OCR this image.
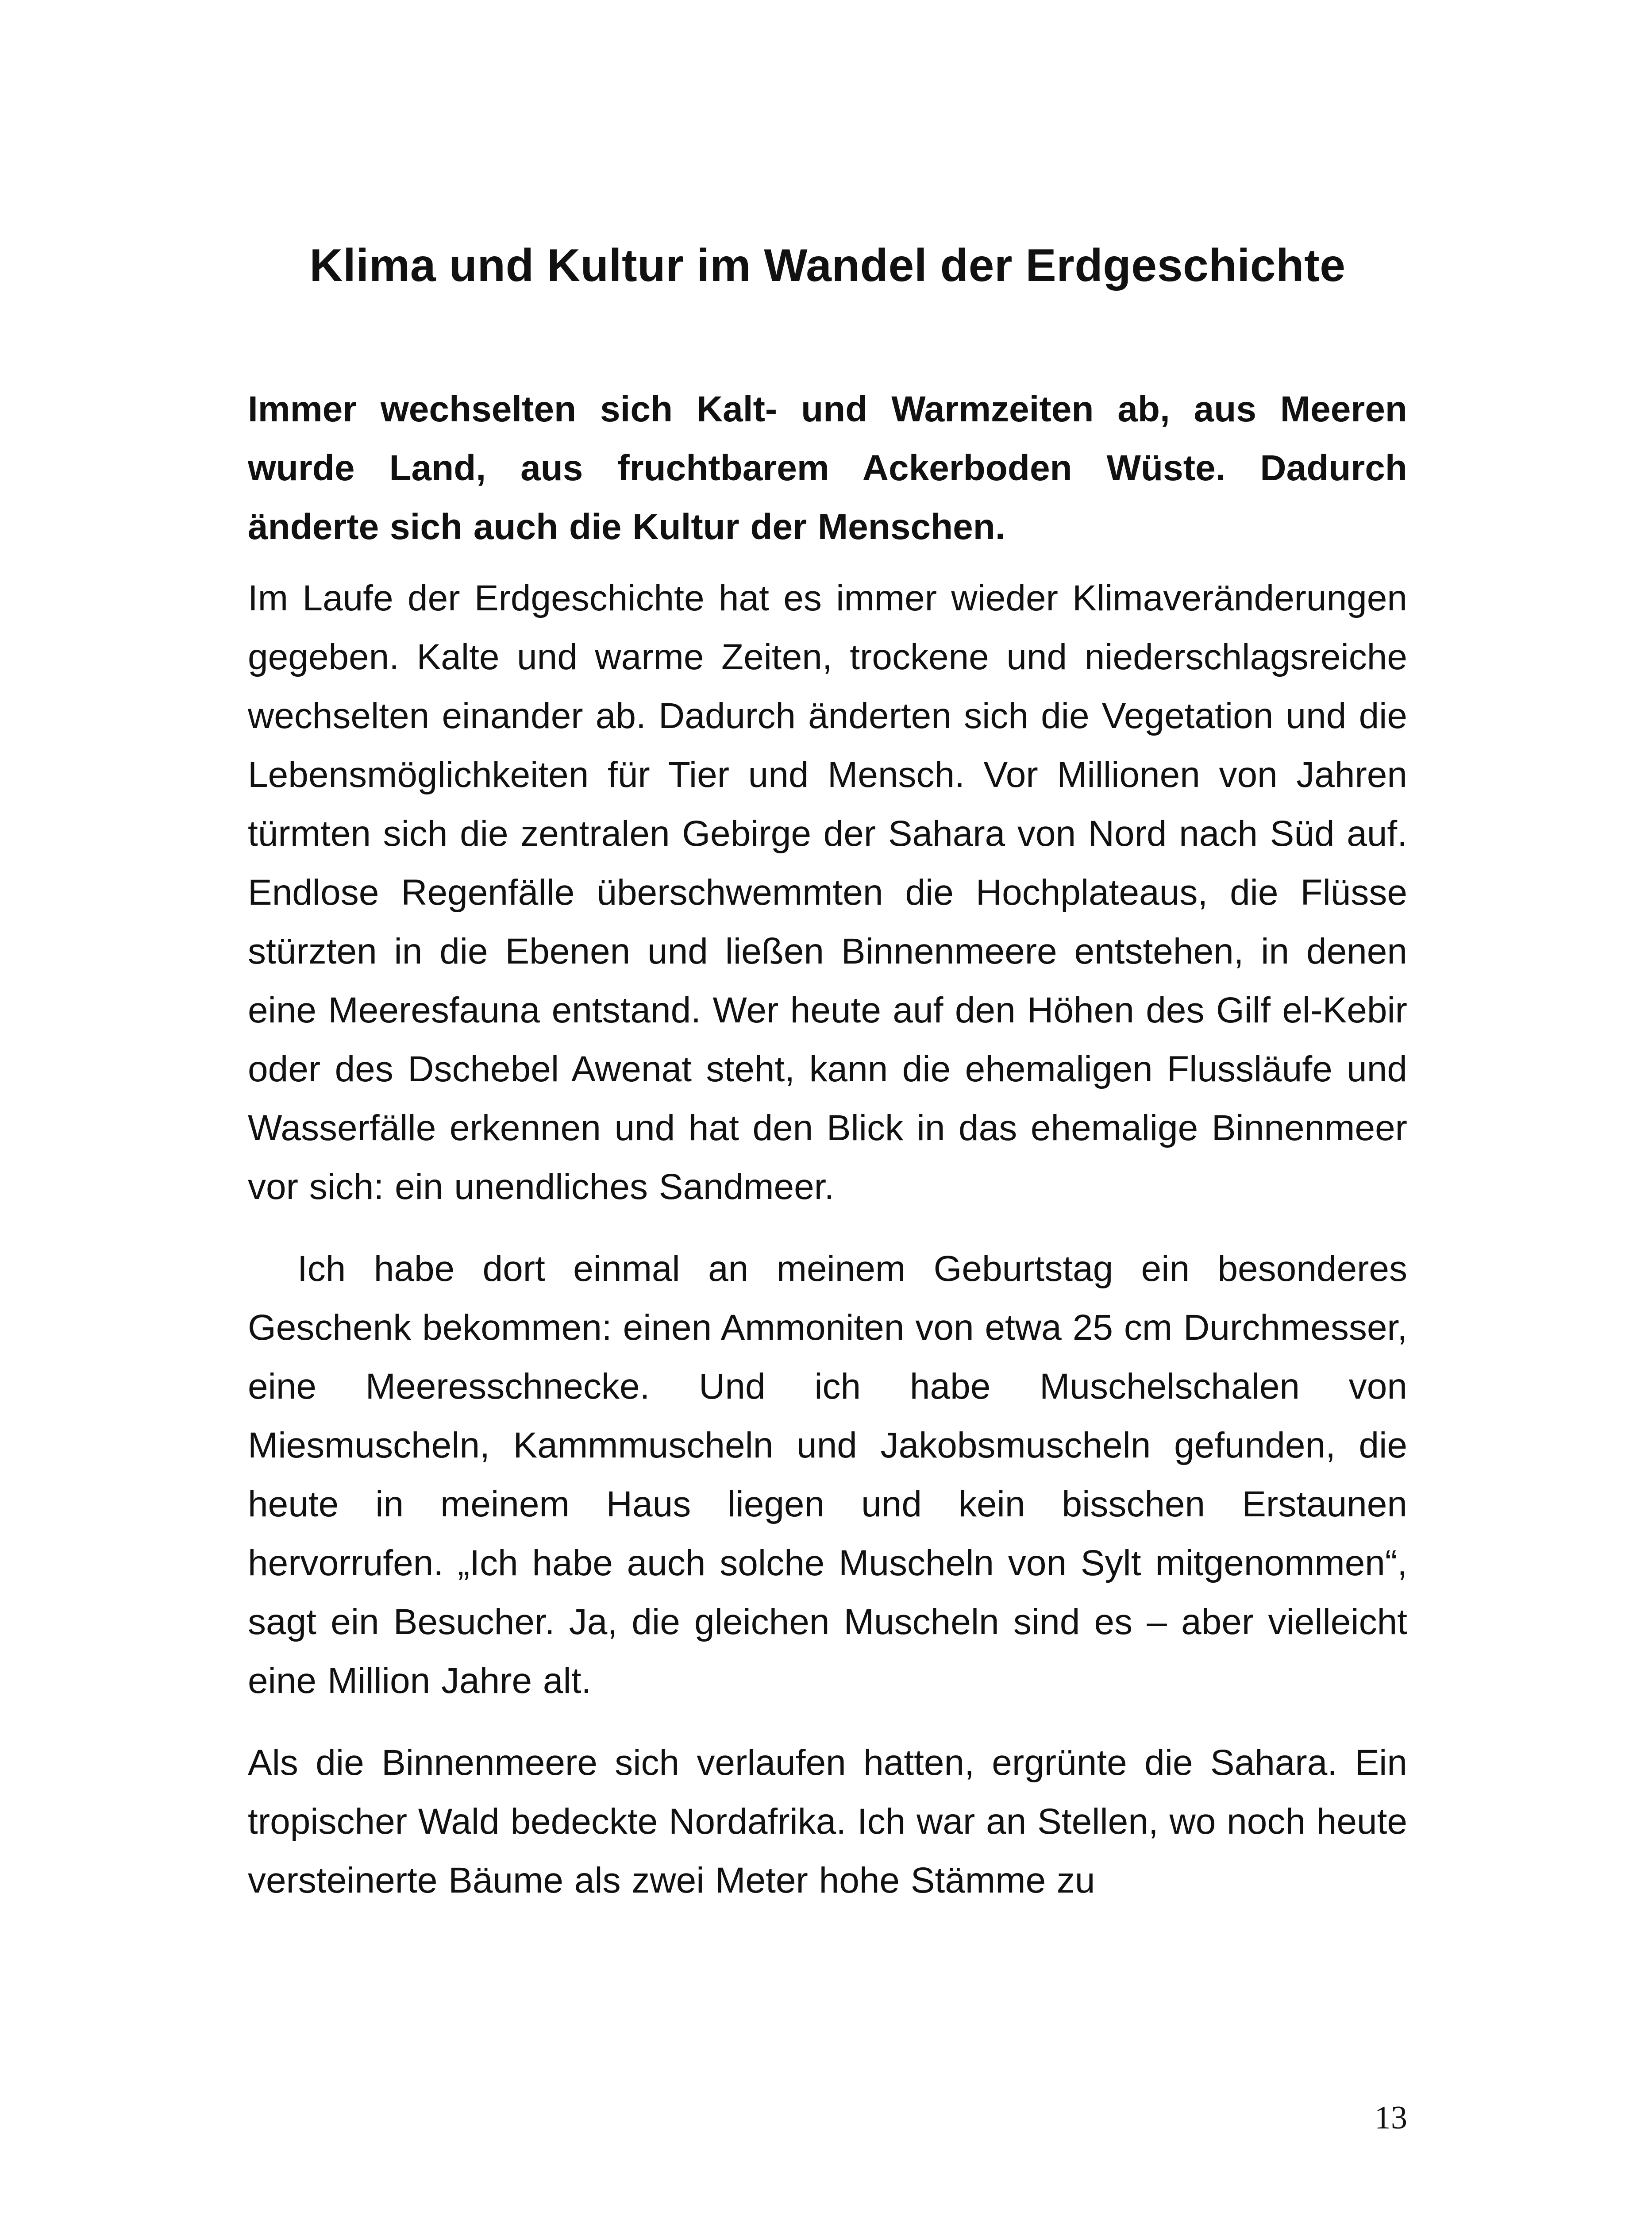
Klima und Kultur im Wandel der Erdgeschichte

Immer wechselten sich Kalt- und Warmzeiten ab, aus Meeren wurde Land, aus fruchtbarem Ackerboden Wüste. Dadurch änderte sich auch die Kultur der Menschen.

Im Laufe der Erdgeschichte hat es immer wieder Klimaveränderungen gegeben. Kalte und warme Zeiten, trockene und niederschlagsreiche wechselten einander ab. Dadurch änderten sich die Vegetation und die Lebensmöglichkeiten für Tier und Mensch. Vor Millionen von Jahren türmten sich die zentralen Gebirge der Sahara von Nord nach Süd auf. Endlose Regenfälle überschwemmten die Hochplateaus, die Flüsse stürzten in die Ebenen und ließen Binnenmeere entstehen, in denen eine Meeresfauna entstand. Wer heute auf den Höhen des Gilf el-Kebir oder des Dschebel Awenat steht, kann die ehemaligen Flussläufe und Wasserfälle erkennen und hat den Blick in das ehemalige Binnenmeer vor sich: ein unendliches Sandmeer.

Ich habe dort einmal an meinem Geburtstag ein besonderes Geschenk bekommen: einen Ammoniten von etwa 25 cm Durchmesser, eine Meeresschnecke. Und ich habe Muschelschalen von Miesmuscheln, Kammmuscheln und Jakobsmuscheln gefunden, die heute in meinem Haus liegen und kein bisschen Erstaunen hervorrufen. „Ich habe auch solche Muscheln von Sylt mitgenommen“, sagt ein Besucher. Ja, die gleichen Muscheln sind es – aber vielleicht eine Million Jahre alt.

Als die Binnenmeere sich verlaufen hatten, ergrünte die Sahara. Ein tropischer Wald bedeckte Nordafrika. Ich war an Stellen, wo noch heute versteinerte Bäume als zwei Meter hohe Stämme zu

13
